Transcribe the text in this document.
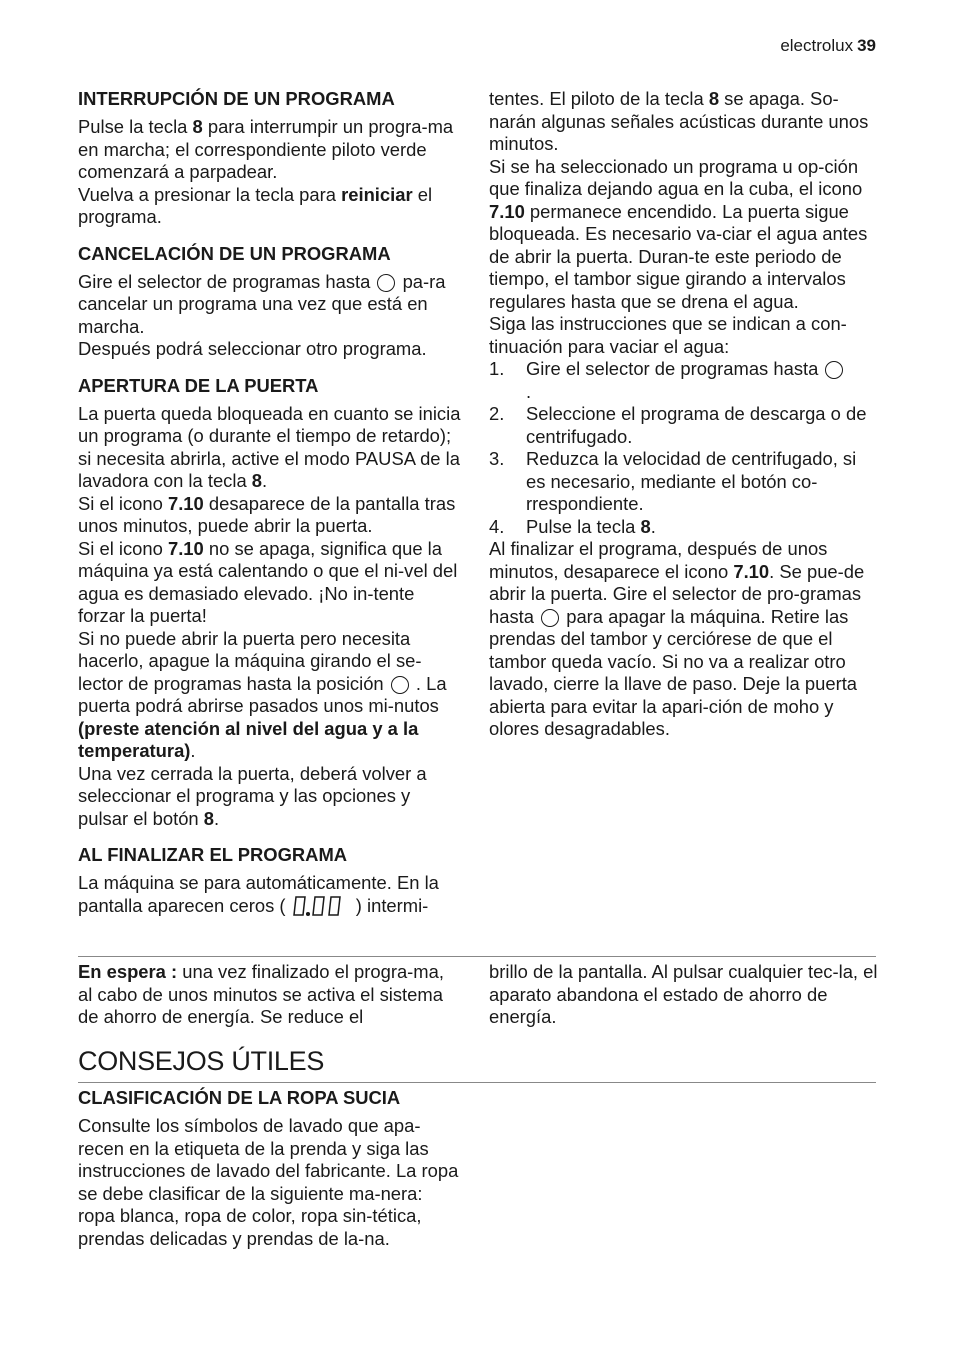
electrolux 39
INTERRUPCIÓN DE UN PROGRAMA

Pulse la tecla 8 para interrumpir un progra-ma en marcha; el correspondiente piloto verde comenzará a parpadear.

Vuelva a presionar la tecla para reiniciar el programa.

CANCELACIÓN DE UN PROGRAMA

Gire el selector de programas hasta  pa-ra cancelar un programa una vez que está en marcha.

Después podrá seleccionar otro programa.

APERTURA DE LA PUERTA

La puerta queda bloqueada en cuanto se inicia un programa (o durante el tiempo de retardo); si necesita abrirla, active el modo PAUSA de la lavadora con la tecla 8.

Si el icono 7.10 desaparece de la pantalla tras unos minutos, puede abrir la puerta.

Si el icono 7.10 no se apaga, significa que la máquina ya está calentando o que el ni-vel del agua es demasiado elevado. ¡No in-tente forzar la puerta!

Si no puede abrir la puerta pero necesita hacerlo, apague la máquina girando el se-lector de programas hasta la posición  . La puerta podrá abrirse pasados unos mi-nutos (preste atención al nivel del agua y a la temperatura).

Una vez cerrada la puerta, deberá volver a seleccionar el programa y las opciones y pulsar el botón 8.

AL FINALIZAR EL PROGRAMA

La máquina se para automáticamente. En la pantalla aparecen ceros ( 0.00	) intermi-

tentes. El piloto de la tecla 8 se apaga. So-narán algunas señales acústicas durante unos minutos.

Si se ha seleccionado un programa u op-ción que finaliza dejando agua en la cuba, el icono 7.10 permanece encendido. La puerta sigue bloqueada. Es necesario va-ciar el agua antes de abrir la puerta. Duran-te este periodo de tiempo, el tambor sigue girando a intervalos regulares hasta que se drena el agua.

Siga las instrucciones que se indican a con-tinuación para vaciar el agua:

1. Gire el selector de programas hasta
.
2. Seleccione el programa de descarga o de centrifugado.
3. Reduzca la velocidad de centrifugado, si es necesario, mediante el botón co-rrespondiente.
4. Pulse la tecla 8.

Al finalizar el programa, después de unos minutos, desaparece el icono 7.10. Se pue-de abrir la puerta. Gire el selector de pro-gramas hasta  para apagar la máquina. Retire las prendas del tambor y cerciórese de que el tambor queda vacío. Si no va a realizar otro lavado, cierre la llave de paso. Deje la puerta abierta para evitar la apari-ción de moho y olores desagradables.

En espera : una vez finalizado el progra-ma, al cabo de unos minutos se activa el sistema de ahorro de energía. Se reduce el

brillo de la pantalla. Al pulsar cualquier tec-la, el aparato abandona el estado de ahorro de energía.

CONSEJOS ÚTILES
CLASIFICACIÓN DE LA ROPA SUCIA

Consulte los símbolos de lavado que apa-recen en la etiqueta de la prenda y siga las instrucciones de lavado del fabricante. La ropa se debe clasificar de la siguiente ma-nera: ropa blanca, ropa de color, ropa sin-tética, prendas delicadas y prendas de la-na.
